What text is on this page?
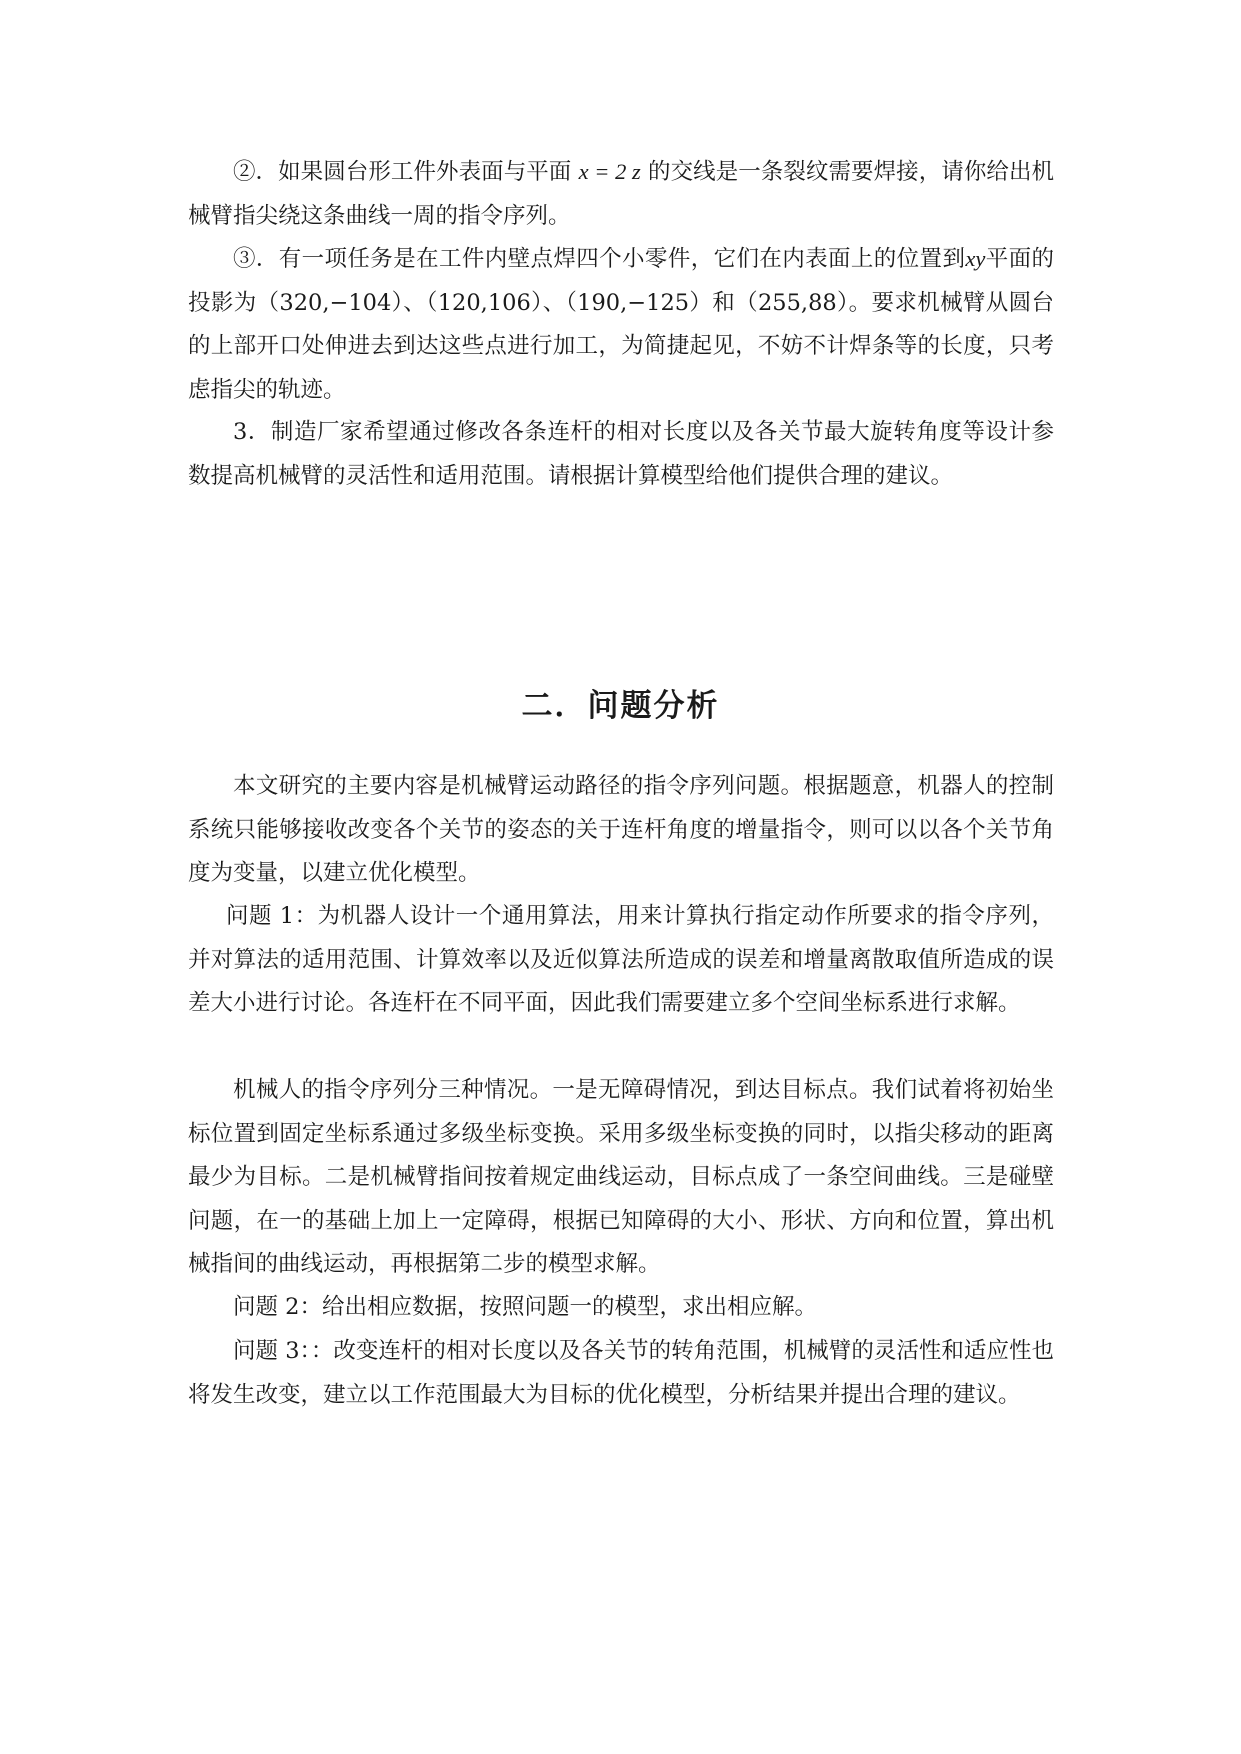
②．如果圆台形工件外表面与平面 x = 2 z 的交线是一条裂纹需要焊接，请你给出机械臂指尖绕这条曲线一周的指令序列。

③．有一项任务是在工件内壁点焊四个小零件，它们在内表面上的位置到xy平面的投影为（320,−104）、（120,106）、（190,−125）和（255,88）。要求机械臂从圆台的上部开口处伸进去到达这些点进行加工，为简捷起见，不妨不计焊条等的长度，只考虑指尖的轨迹。

3．制造厂家希望通过修改各条连杆的相对长度以及各关节最大旋转角度等设计参数提高机械臂的灵活性和适用范围。请根据计算模型给他们提供合理的建议。

二．问题分析

本文研究的主要内容是机械臂运动路径的指令序列问题。根据题意，机器人的控制系统只能够接收改变各个关节的姿态的关于连杆角度的增量指令，则可以以各个关节角度为变量，以建立优化模型。

问题 1：为机器人设计一个通用算法，用来计算执行指定动作所要求的指令序列，并对算法的适用范围、计算效率以及近似算法所造成的误差和增量离散取值所造成的误差大小进行讨论。各连杆在不同平面，因此我们需要建立多个空间坐标系进行求解。

机械人的指令序列分三种情况。一是无障碍情况，到达目标点。我们试着将初始坐标位置到固定坐标系通过多级坐标变换。采用多级坐标变换的同时，以指尖移动的距离最少为目标。二是机械臂指间按着规定曲线运动，目标点成了一条空间曲线。三是碰壁问题，在一的基础上加上一定障碍，根据已知障碍的大小、形状、方向和位置，算出机械指间的曲线运动，再根据第二步的模型求解。

问题 2：给出相应数据，按照问题一的模型，求出相应解。

问题 3：：改变连杆的相对长度以及各关节的转角范围，机械臂的灵活性和适应性也将发生改变，建立以工作范围最大为目标的优化模型，分析结果并提出合理的建议。
